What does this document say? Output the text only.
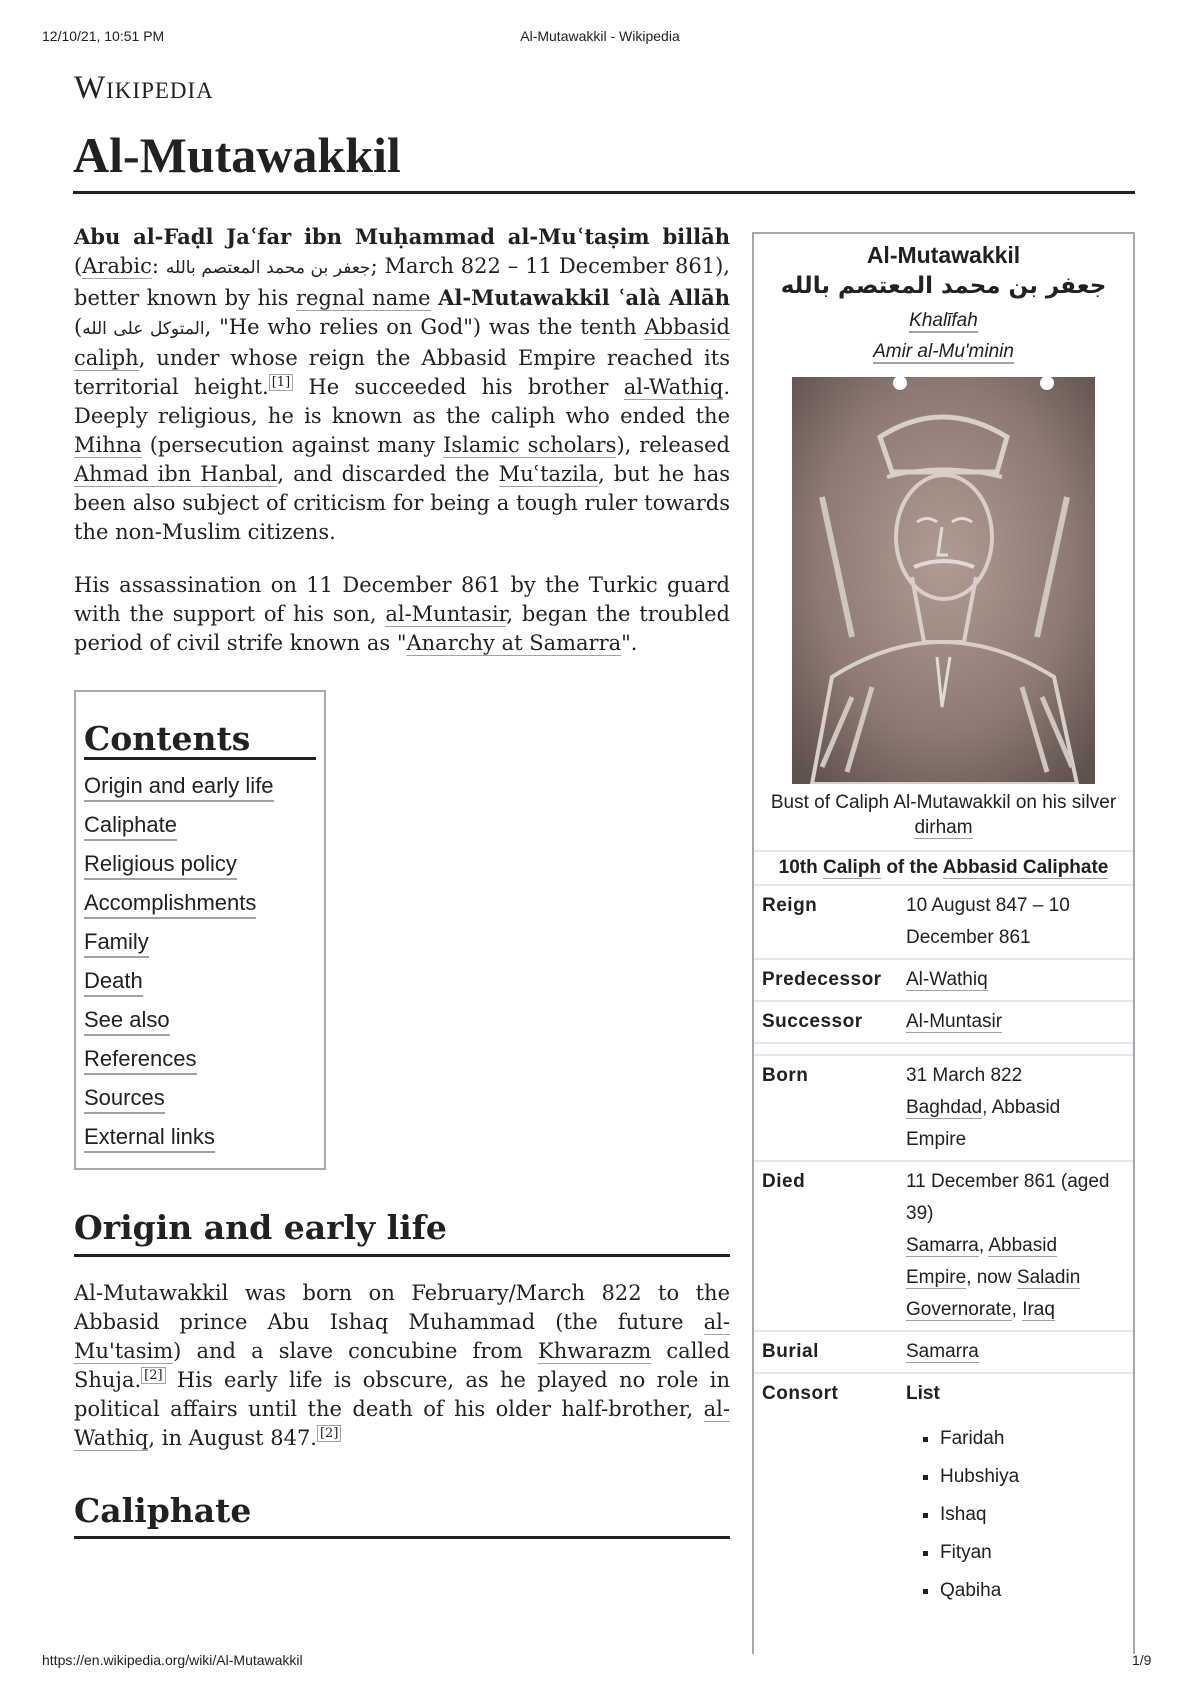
12/10/21, 10:51 PM	Al-Mutawakkil - Wikipedia
Wikipedia
Al-Mutawakkil

Abu al-Faḍl Jaʿfar ibn Muḥammad al-Muʿtaṣim billāh (Arabic: جعفر بن محمد المعتصم بالله; March 822 – 11 December 861), better known by his regnal name Al-Mutawakkil ʿalà Allāh (المتوكل على الله, "He who relies on God") was the tenth Abbasid caliph, under whose reign the Abbasid Empire reached its territorial height. [1] He succeeded his brother al-Wathiq. Deeply religious, he is known as the caliph who ended the Mihna (persecution against many Islamic scholars), released Ahmad ibn Hanbal, and discarded the Muʿtazila, but he has been also subject of criticism for being a tough ruler towards the non-Muslim citizens.

His assassination on 11 December 861 by the Turkic guard with the support of his son, al-Muntasir, began the troubled period of civil strife known as "Anarchy at Samarra".

Contents
Origin and early life
Caliphate
Religious policy
Accomplishments
Family
Death
See also
References
Sources
External links
Origin and early life

Al-Mutawakkil was born on February/March 822 to the Abbasid prince Abu Ishaq Muhammad (the future al-Mu'tasim) and a slave concubine from Khwarazm called Shuja. [2] His early life is obscure, as he played no role in political affairs until the death of his older half-brother, al-Wathiq, in August 847. [2]

Caliphate
Al-Mutawakkil
جعفر بن محمد المعتصم بالله
Khalīfah
Amir al-Mu'minin
Bust of Caliph Al-Mutawakkil on his silver dirham
10th Caliph of the Abbasid Caliphate
Reign	10 August 847 – 10 December 861
Predecessor	Al-Wathiq
Successor	Al-Muntasir
Born	31 March 822
Baghdad, Abbasid Empire
Died	11 December 861 (aged 39)
Samarra, Abbasid Empire, now Saladin Governorate, Iraq
Burial	Samarra
Consort	List
▪ Faridah
▪ Hubshiya
▪ Ishaq
▪ Fityan
▪ Qabiha
https://en.wikipedia.org/wiki/Al-Mutawakkil	1/9
